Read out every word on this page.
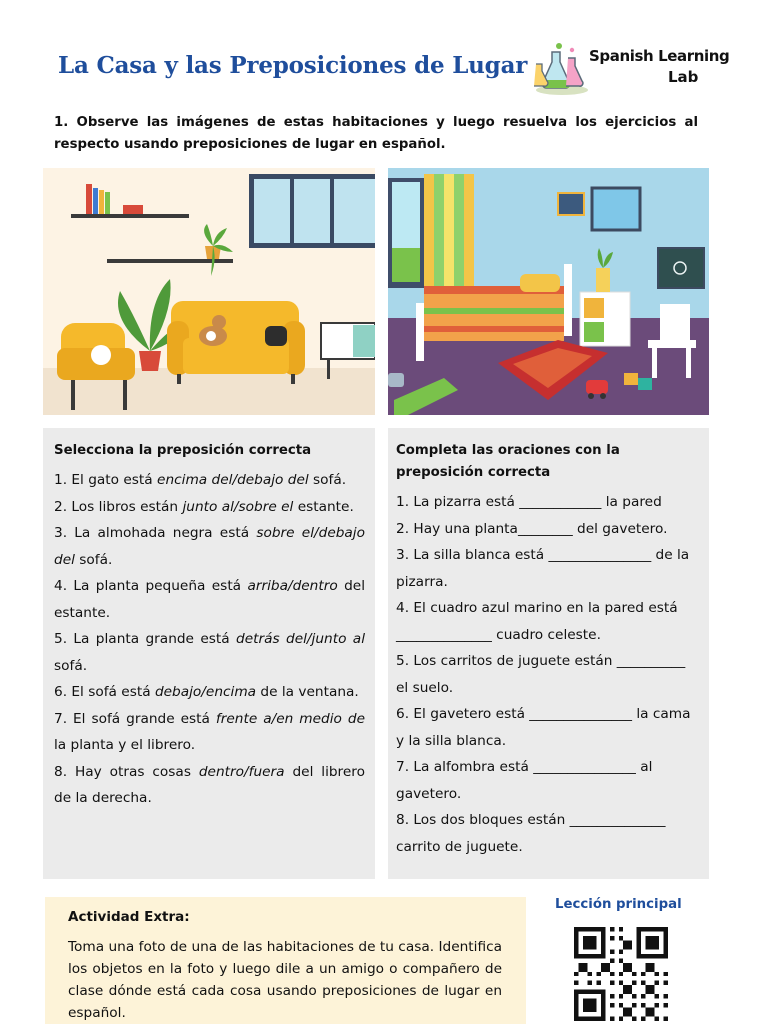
La Casa y las Preposiciones de Lugar	Spanish Learning
Lab

1. Observe las imágenes de estas habitaciones y luego resuelva los ejercicios al respecto usando preposiciones de lugar en español.

Selecciona la preposición correcta

1. El gato está encima del/debajo del sofá.

2. Los libros están junto al/sobre el estante.

3. La almohada negra está sobre el/debajo del sofá.

4. La planta pequeña está arriba/dentro del estante.

5. La planta grande está detrás del/junto al sofá.

6. El sofá está debajo/encima de la ventana.

7. El sofá grande está frente a/en medio de la planta y el librero.

8. Hay otras cosas dentro/fuera del librero de la derecha.

Completa las oraciones con la preposición correcta

1. La pizarra está ____________ la pared

2. Hay una planta________ del gavetero.

3. La silla blanca está _______________ de la pizarra.

4. El cuadro azul marino en la pared está ______________ cuadro celeste.

5. Los carritos de juguete están __________ el suelo.

6. El gavetero está _______________ la cama y la silla blanca.

7. La alfombra está _______________ al gavetero.

8. Los dos bloques están ______________ carrito de juguete.

Actividad Extra:

Toma una foto de una de las habitaciones de tu casa. Identifica los objetos en la foto y luego dile a un amigo o compañero de clase dónde está cada cosa usando preposiciones de lugar en español.

Lección principal
